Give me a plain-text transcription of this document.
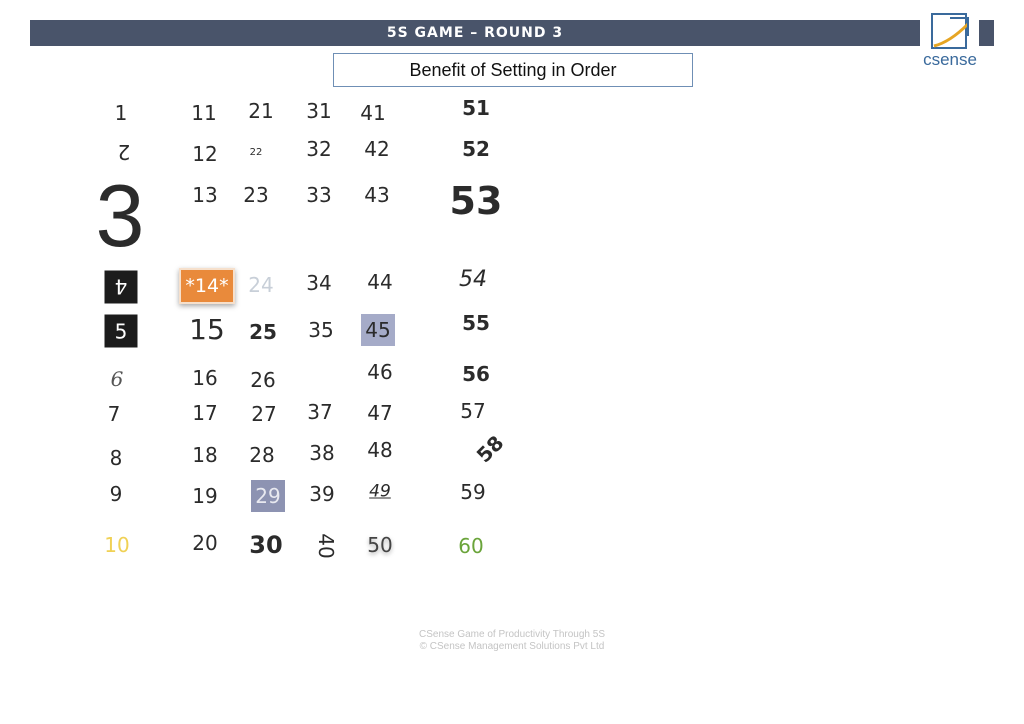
5S GAME – ROUND 3
csense
Benefit of Setting in Order
1
2
3
4
5
6
7
8
9
10
11
12
13
*14*
15
16
17
18
19
20
21
22
23
24
25
26
27
28
29
30
31
32
33
34
35
37
38
39
40
41
42
43
44
45
46
47
48
49
50
51
52
53
54
55
56
57
58
59
60
CSense Game of Productivity Through 5S
© CSense Management Solutions Pvt Ltd
